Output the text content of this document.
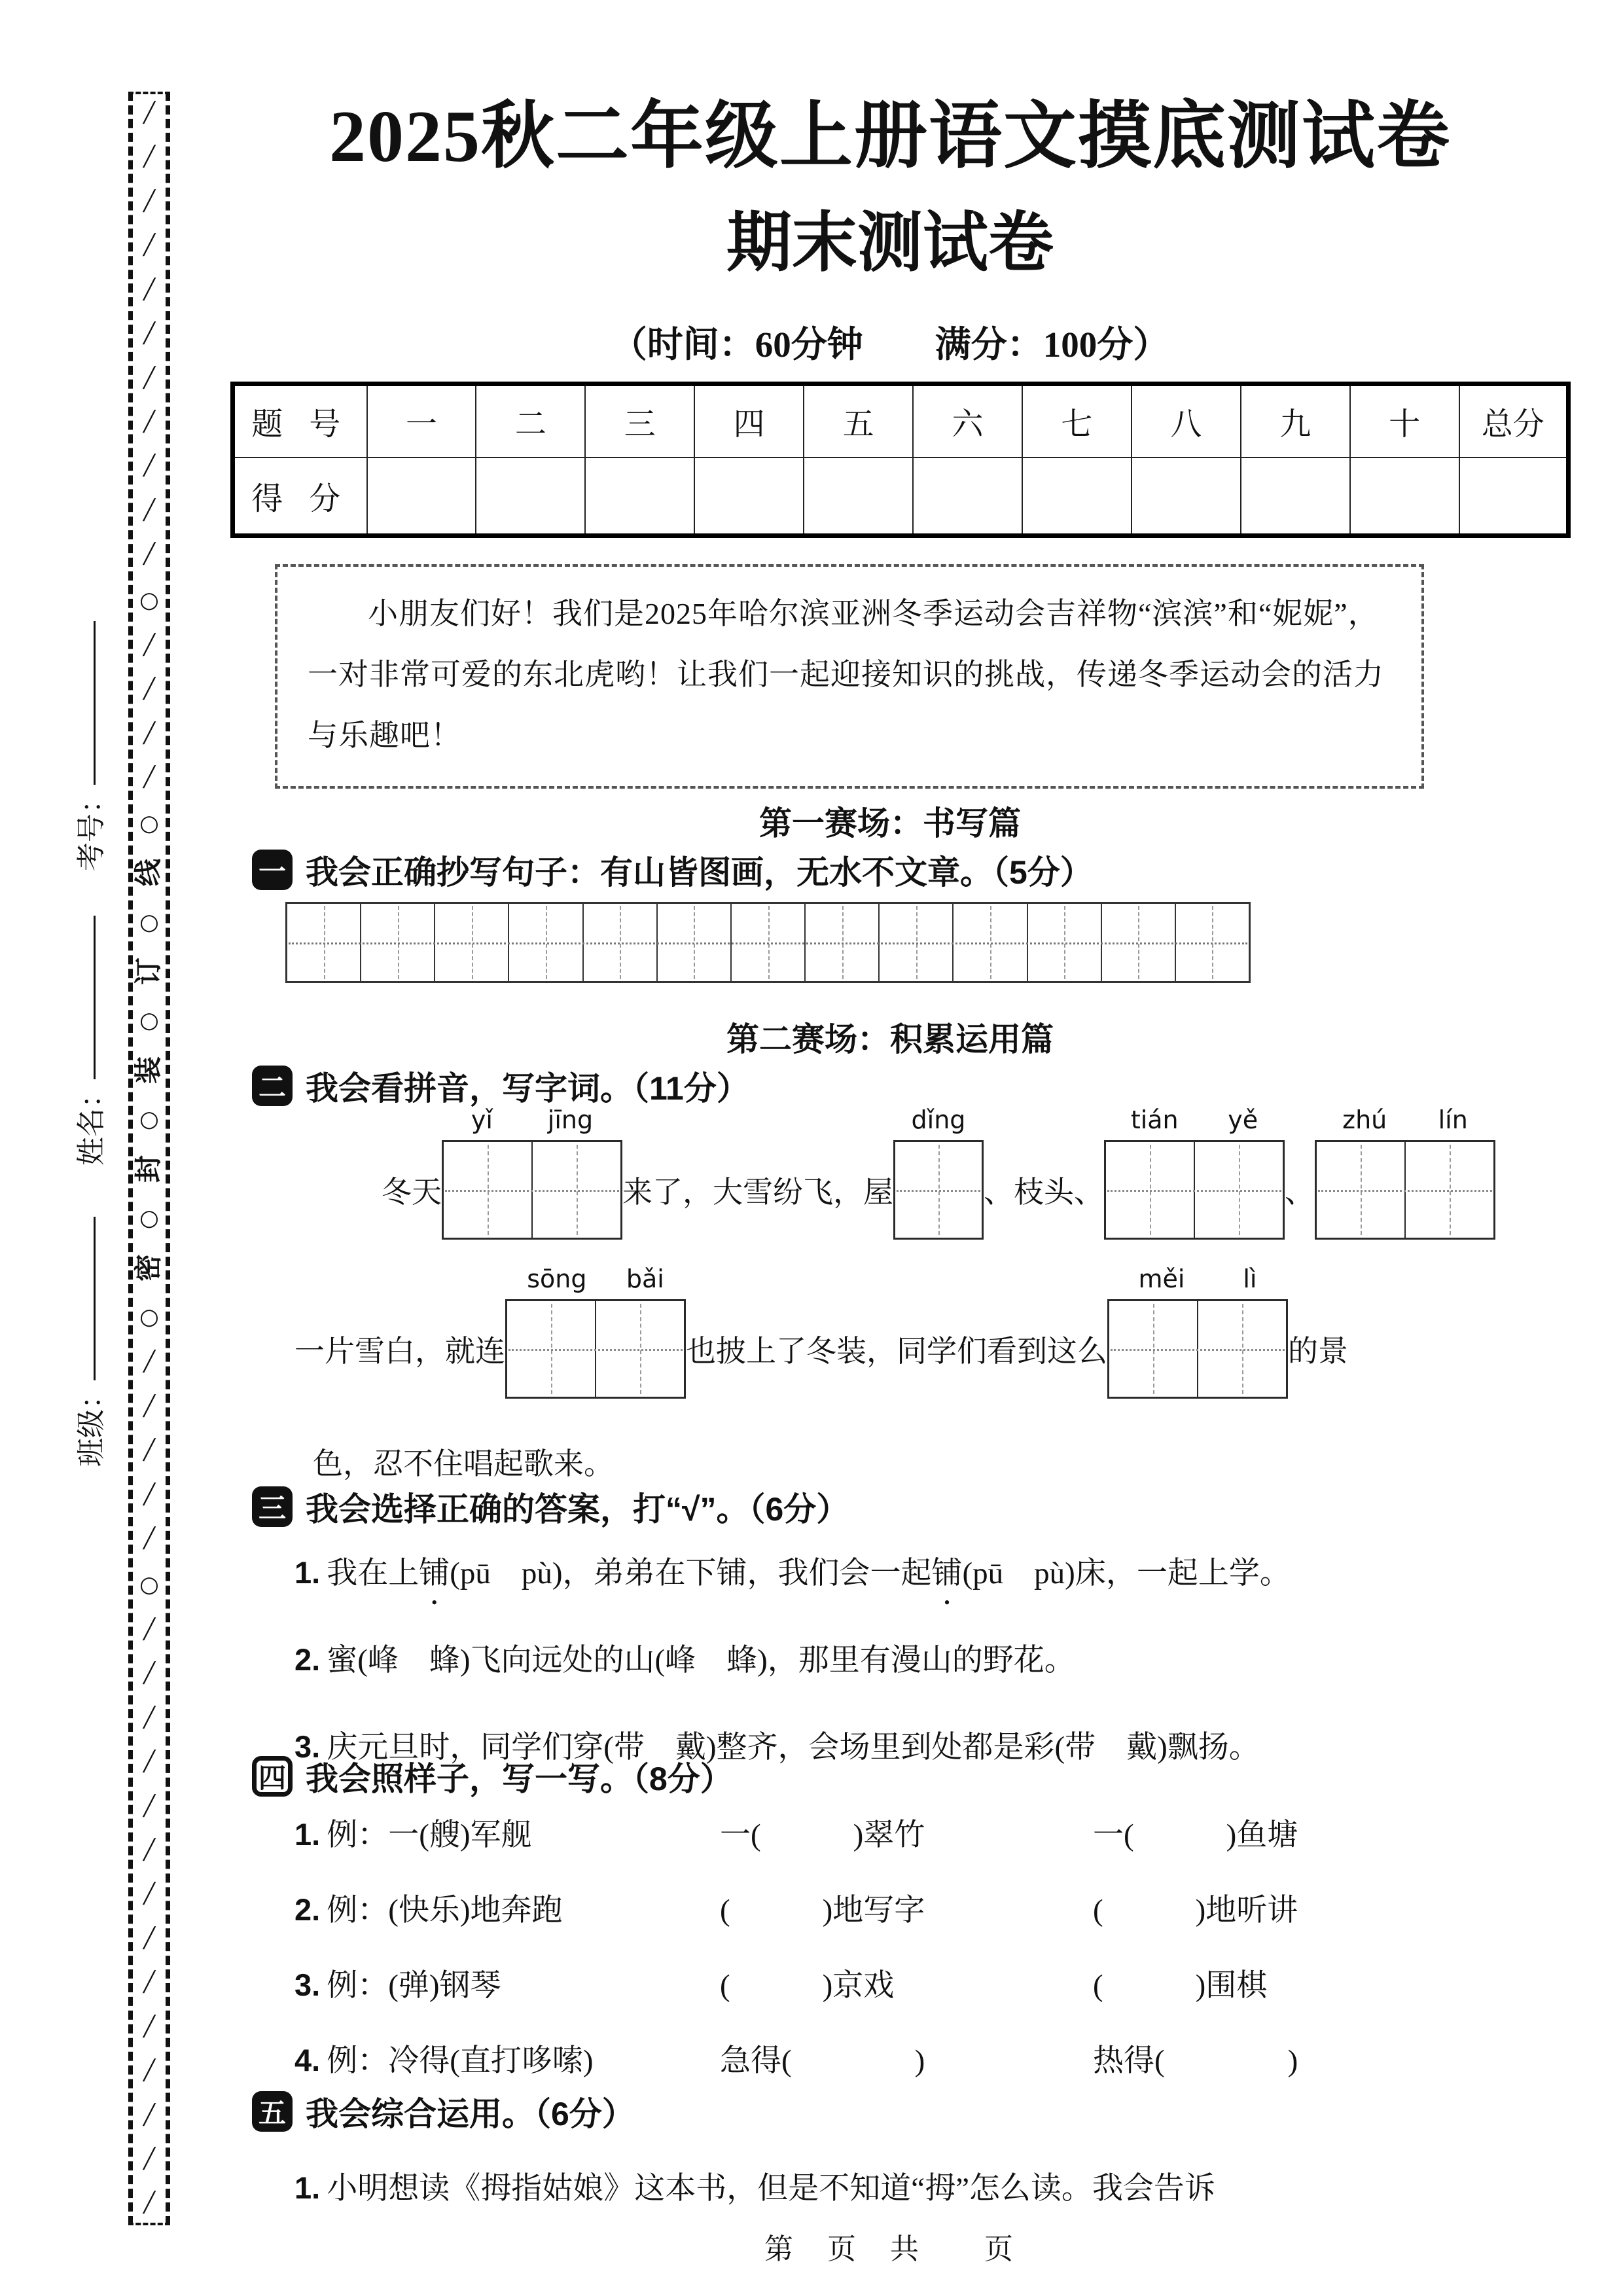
╱
╱
╱
╱
╱
╱
╱
╱
╱
╱
╱
○
╱
╱
╱
╱
○
线
○
订
○
装
○
封
○
密
○
╱
╱
╱
╱
╱
○
╱
╱
╱
╱
╱
╱
╱
╱
╱
╱
╱
╱
╱
╱
考号：
姓名：
班级：
2025秋二年级上册语文摸底测试卷
期末测试卷
（时间：60分钟　　满分：100分）
题 号	一	二	三	四	五	六	七	八	九	十	总分
得 分											
小朋友们好！我们是2025年哈尔滨亚洲冬季运动会吉祥物“滨滨”和“妮妮”，一对非常可爱的东北虎哟！让我们一起迎接知识的挑战，传递冬季运动会的活力与乐趣吧！
第一赛场：书写篇
一 我会正确抄写句子：有山皆图画，无水不文章。（5分）
第二赛场：积累运用篇
二 我会看拼音，写字词。（11分）
冬天
yǐ jīng
来了，大雪纷飞，屋
dǐng
、枝头、
tián yě
、
zhú lín
一片雪白，就连
sōng bǎi
也披上了冬装，同学们看到这么
měi lì
的景
色，忍不住唱起歌来。
三 我会选择正确的答案，打“√”。（6分）
1. 我在上铺(pū　pù)，弟弟在下铺，我们会一起铺(pū　pù)床，一起上学。
2. 蜜(峰　蜂)飞向远处的山(峰　蜂)，那里有漫山的野花。
3. 庆元旦时，同学们穿(带　戴)整齐，会场里到处都是彩(带　戴)飘扬。
四 我会照样子，写一写。（8分）
1. 例：一(艘)军舰	一(　　　)翠竹	一(　　　)鱼塘
2. 例：(快乐)地奔跑	(　　　)地写字	(　　　)地听讲
3. 例：(弹)钢琴	(　　　)京戏	(　　　)围棋
4. 例：冷得(直打哆嗦)	急得(　　　　)	热得(　　　　)
五 我会综合运用。（6分）
1. 小明想读《拇指姑娘》这本书，但是不知道“拇”怎么读。我会告诉
第　页　共　　页
